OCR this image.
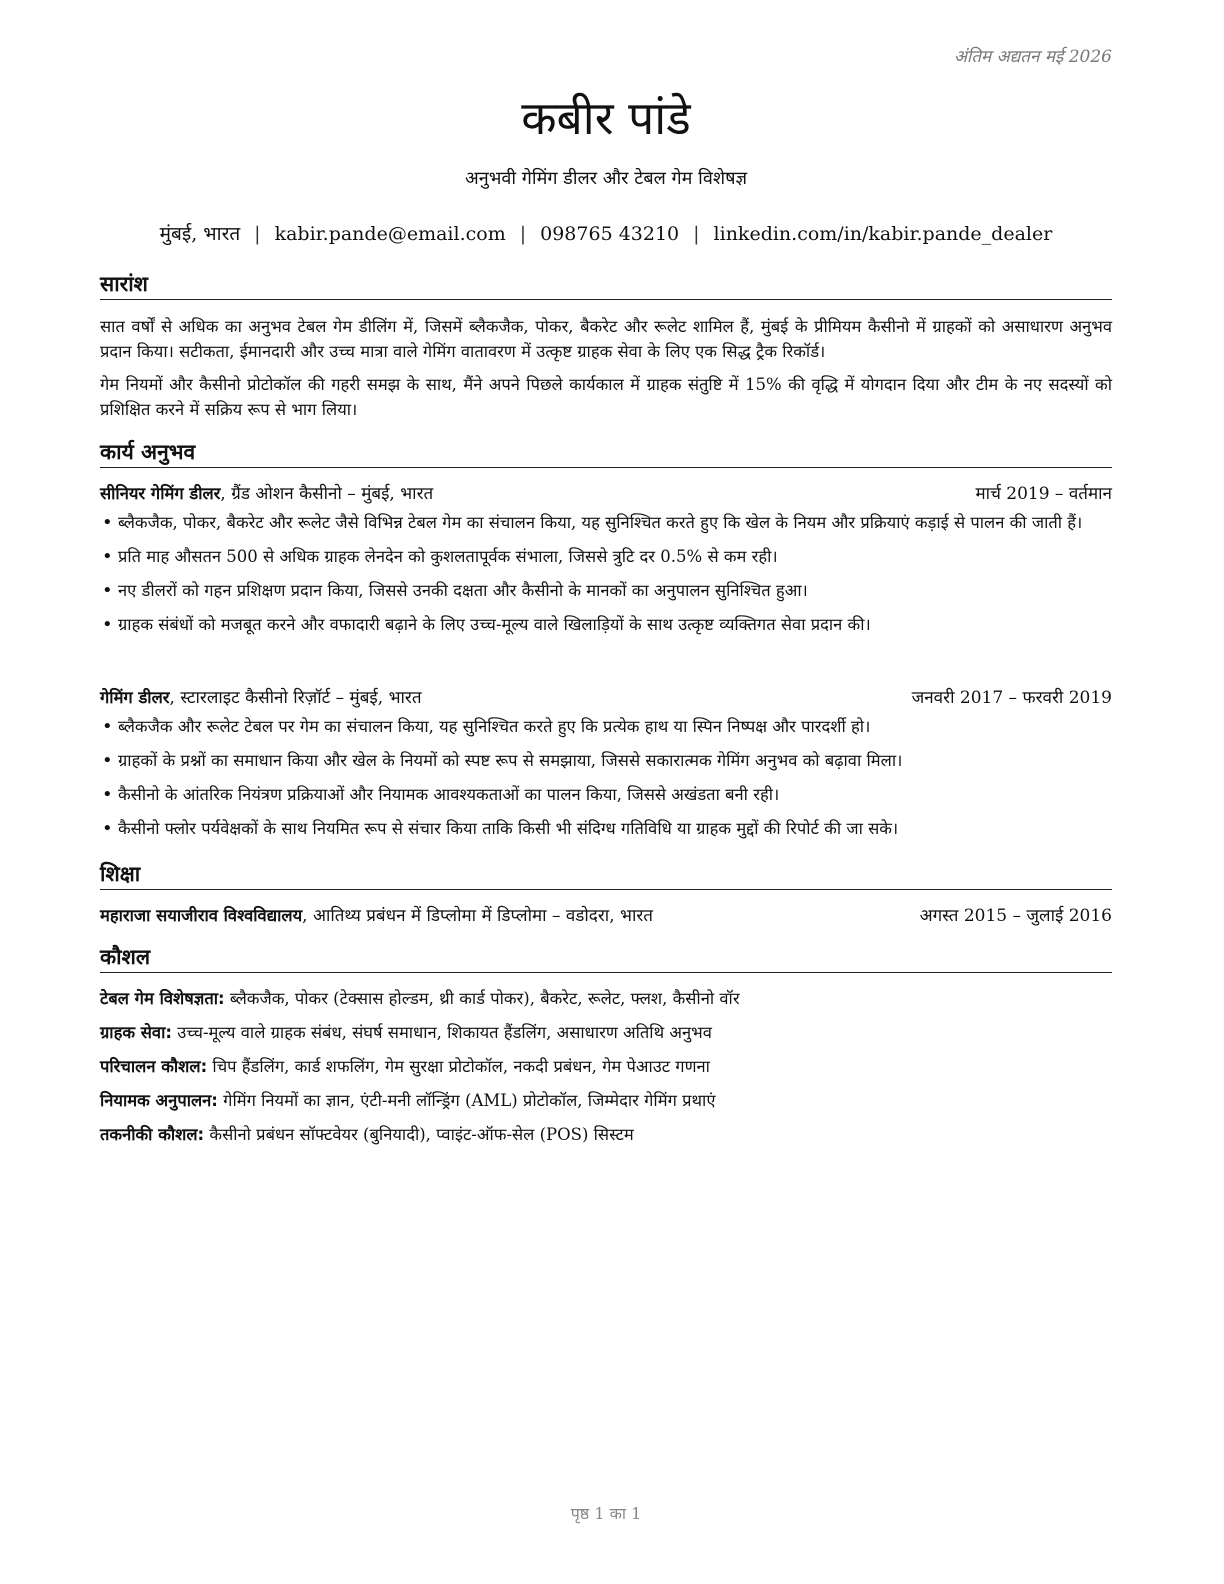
अंतिम अद्यतन मई 2026
कबीर पांडे
अनुभवी गेमिंग डीलर और टेबल गेम विशेषज्ञ
मुंबई, भारत | kabir.pande@email.com | 098765 43210 | linkedin.com/in/kabir.pande_dealer
सारांश
सात वर्षों से अधिक का अनुभव टेबल गेम डीलिंग में, जिसमें ब्लैकजैक, पोकर, बैकरेट और रूलेट शामिल हैं, मुंबई के प्रीमियम कैसीनो में ग्राहकों को असाधारण अनुभव प्रदान किया। सटीकता, ईमानदारी और उच्च मात्रा वाले गेमिंग वातावरण में उत्कृष्ट ग्राहक सेवा के लिए एक सिद्ध ट्रैक रिकॉर्ड।
गेम नियमों और कैसीनो प्रोटोकॉल की गहरी समझ के साथ, मैंने अपने पिछले कार्यकाल में ग्राहक संतुष्टि में 15% की वृद्धि में योगदान दिया और टीम के नए सदस्यों को प्रशिक्षित करने में सक्रिय रूप से भाग लिया।
कार्य अनुभव
सीनियर गेमिंग डीलर, ग्रैंड ओशन कैसीनो – मुंबई, भारत	मार्च 2019 – वर्तमान
• ब्लैकजैक, पोकर, बैकरेट और रूलेट जैसे विभिन्न टेबल गेम का संचालन किया, यह सुनिश्चित करते हुए कि खेल के नियम और प्रक्रियाएं कड़ाई से पालन की जाती हैं।
• प्रति माह औसतन 500 से अधिक ग्राहक लेनदेन को कुशलतापूर्वक संभाला, जिससे त्रुटि दर 0.5% से कम रही।
• नए डीलरों को गहन प्रशिक्षण प्रदान किया, जिससे उनकी दक्षता और कैसीनो के मानकों का अनुपालन सुनिश्चित हुआ।
• ग्राहक संबंधों को मजबूत करने और वफादारी बढ़ाने के लिए उच्च-मूल्य वाले खिलाड़ियों के साथ उत्कृष्ट व्यक्तिगत सेवा प्रदान की।
गेमिंग डीलर, स्टारलाइट कैसीनो रिज़ॉर्ट – मुंबई, भारत	जनवरी 2017 – फरवरी 2019
• ब्लैकजैक और रूलेट टेबल पर गेम का संचालन किया, यह सुनिश्चित करते हुए कि प्रत्येक हाथ या स्पिन निष्पक्ष और पारदर्शी हो।
• ग्राहकों के प्रश्नों का समाधान किया और खेल के नियमों को स्पष्ट रूप से समझाया, जिससे सकारात्मक गेमिंग अनुभव को बढ़ावा मिला।
• कैसीनो के आंतरिक नियंत्रण प्रक्रियाओं और नियामक आवश्यकताओं का पालन किया, जिससे अखंडता बनी रही।
• कैसीनो फ्लोर पर्यवेक्षकों के साथ नियमित रूप से संचार किया ताकि किसी भी संदिग्ध गतिविधि या ग्राहक मुद्दों की रिपोर्ट की जा सके।
शिक्षा
महाराजा सयाजीराव विश्वविद्यालय, आतिथ्य प्रबंधन में डिप्लोमा में डिप्लोमा – वडोदरा, भारत	अगस्त 2015 – जुलाई 2016
कौशल
टेबल गेम विशेषज्ञता: ब्लैकजैक, पोकर (टेक्सास होल्डम, थ्री कार्ड पोकर), बैकरेट, रूलेट, फ्लश, कैसीनो वॉर
ग्राहक सेवा: उच्च-मूल्य वाले ग्राहक संबंध, संघर्ष समाधान, शिकायत हैंडलिंग, असाधारण अतिथि अनुभव
परिचालन कौशल: चिप हैंडलिंग, कार्ड शफलिंग, गेम सुरक्षा प्रोटोकॉल, नकदी प्रबंधन, गेम पेआउट गणना
नियामक अनुपालन: गेमिंग नियमों का ज्ञान, एंटी-मनी लॉन्ड्रिंग (AML) प्रोटोकॉल, जिम्मेदार गेमिंग प्रथाएं
तकनीकी कौशल: कैसीनो प्रबंधन सॉफ्टवेयर (बुनियादी), प्वाइंट-ऑफ-सेल (POS) सिस्टम
पृष्ठ 1 का 1
